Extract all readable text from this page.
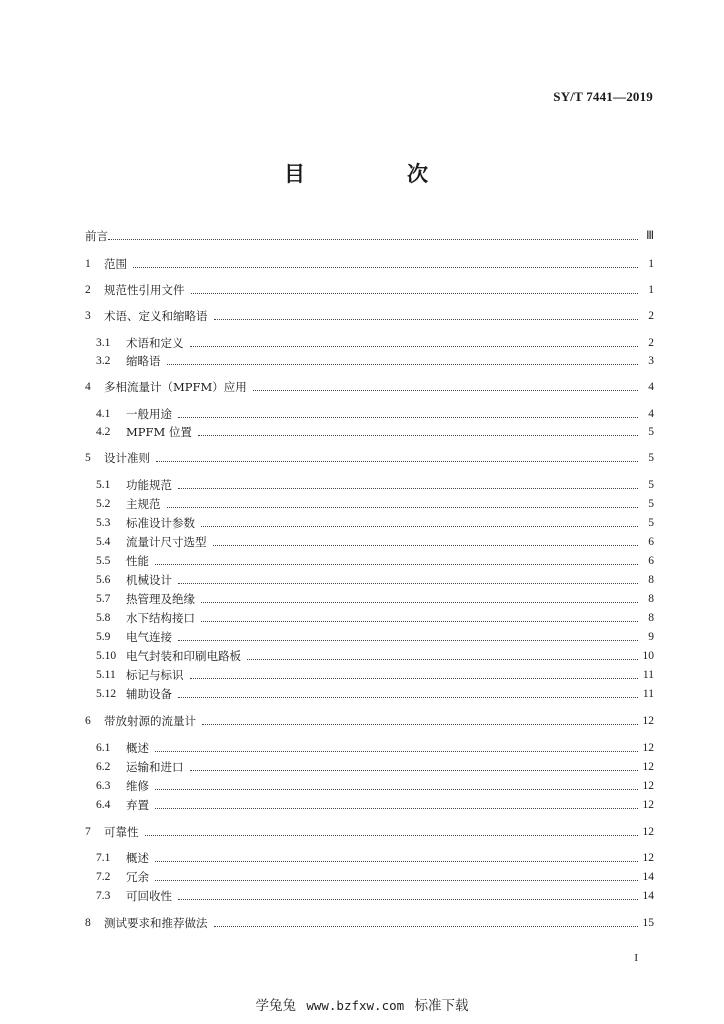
SY/T 7441—2019
目　　次
前言	Ⅲ
1	范围	1
2	规范性引用文件	1
3	术语、定义和缩略语	2
3.1	术语和定义	2
3.2	缩略语	3
4	多相流量计（MPFM）应用	4
4.1	一般用途	4
4.2	MPFM 位置	5
5	设计准则	5
5.1	功能规范	5
5.2	主规范	5
5.3	标准设计参数	5
5.4	流量计尺寸选型	6
5.5	性能	6
5.6	机械设计	8
5.7	热管理及绝缘	8
5.8	水下结构接口	8
5.9	电气连接	9
5.10 电气封装和印刷电路板	10
5.11 标记与标识	11
5.12 辅助设备	11
6	带放射源的流量计	12
6.1	概述	12
6.2	运输和进口	12
6.3	维修	12
6.4	弃置	12
7	可靠性	12
7.1	概述	12
7.2	冗余	14
7.3	可回收性	14
8	测试要求和推荐做法	15
I
学兔兔 www.bzfxw.com 标准下载
